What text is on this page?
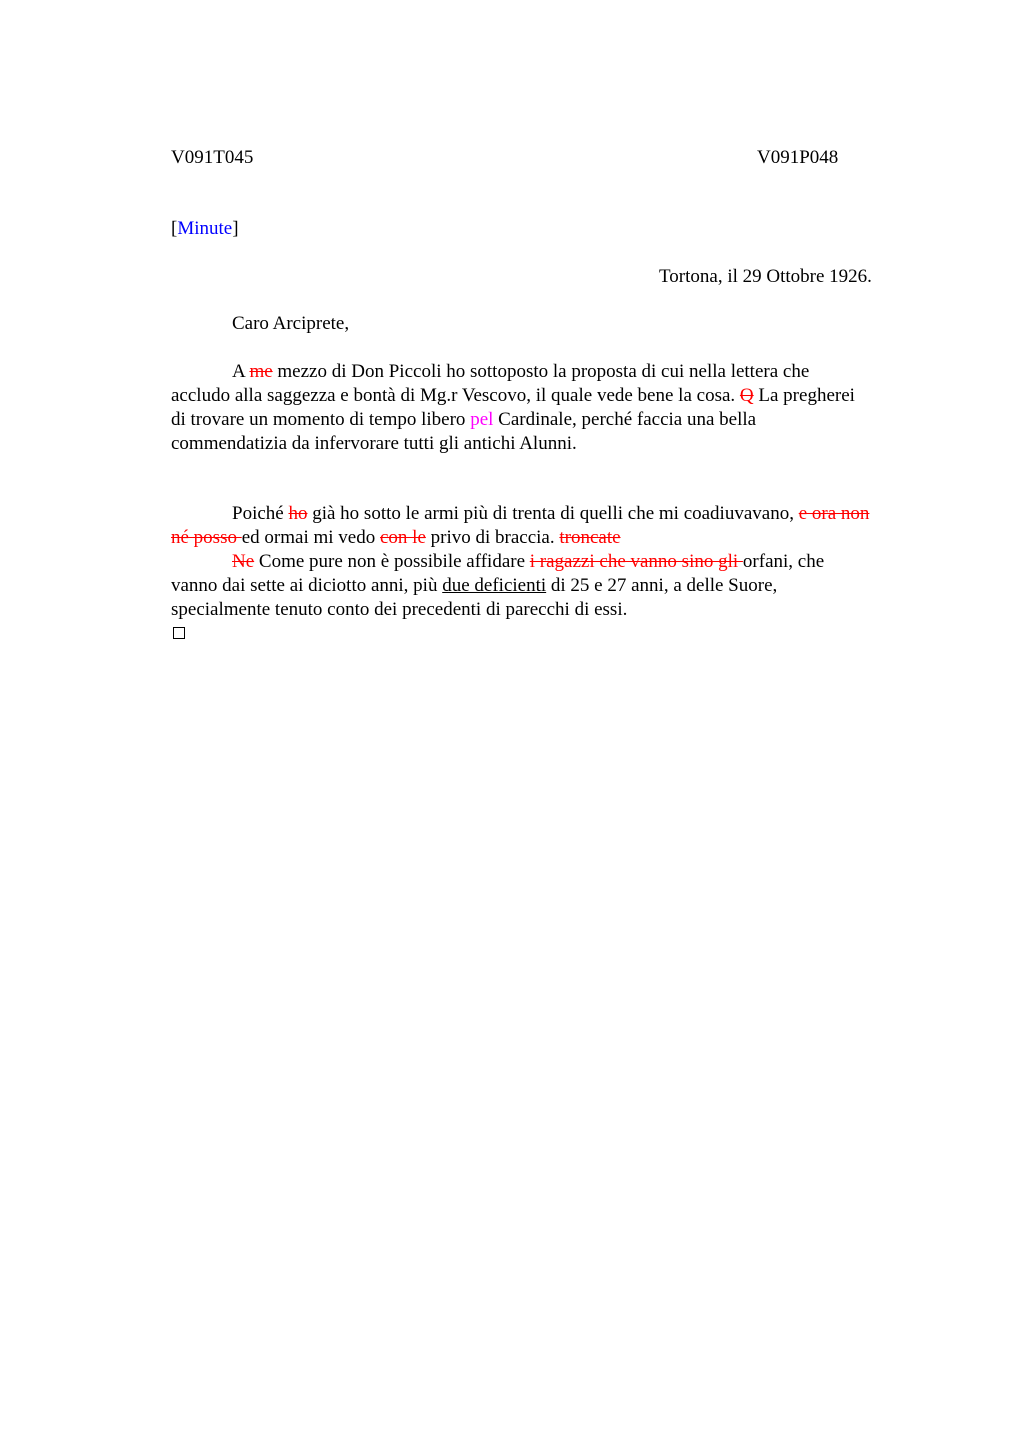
V091T045	V091P048
[Minute]
Tortona, il 29 Ottobre 1926.
Caro Arciprete,
A me mezzo di Don Piccoli ho sottoposto la proposta di cui nella lettera che
accludo alla saggezza e bontà di Mg.r Vescovo, il quale vede bene la cosa. Q La pregherei
di trovare un momento di tempo libero pel Cardinale, perché faccia una bella
commendatizia da infervorare tutti gli antichi Alunni.
Poiché ho già ho sotto le armi più di trenta di quelli che mi coadiuvavano, e ora non
né posso ed ormai mi vedo con le privo di braccia. troncate
Ne Come pure non è possibile affidare i ragazzi che vanno sino gli orfani, che
vanno dai sette ai diciotto anni, più due deficienti di 25 e 27 anni, a delle Suore,
specialmente tenuto conto dei precedenti di parecchi di essi.
